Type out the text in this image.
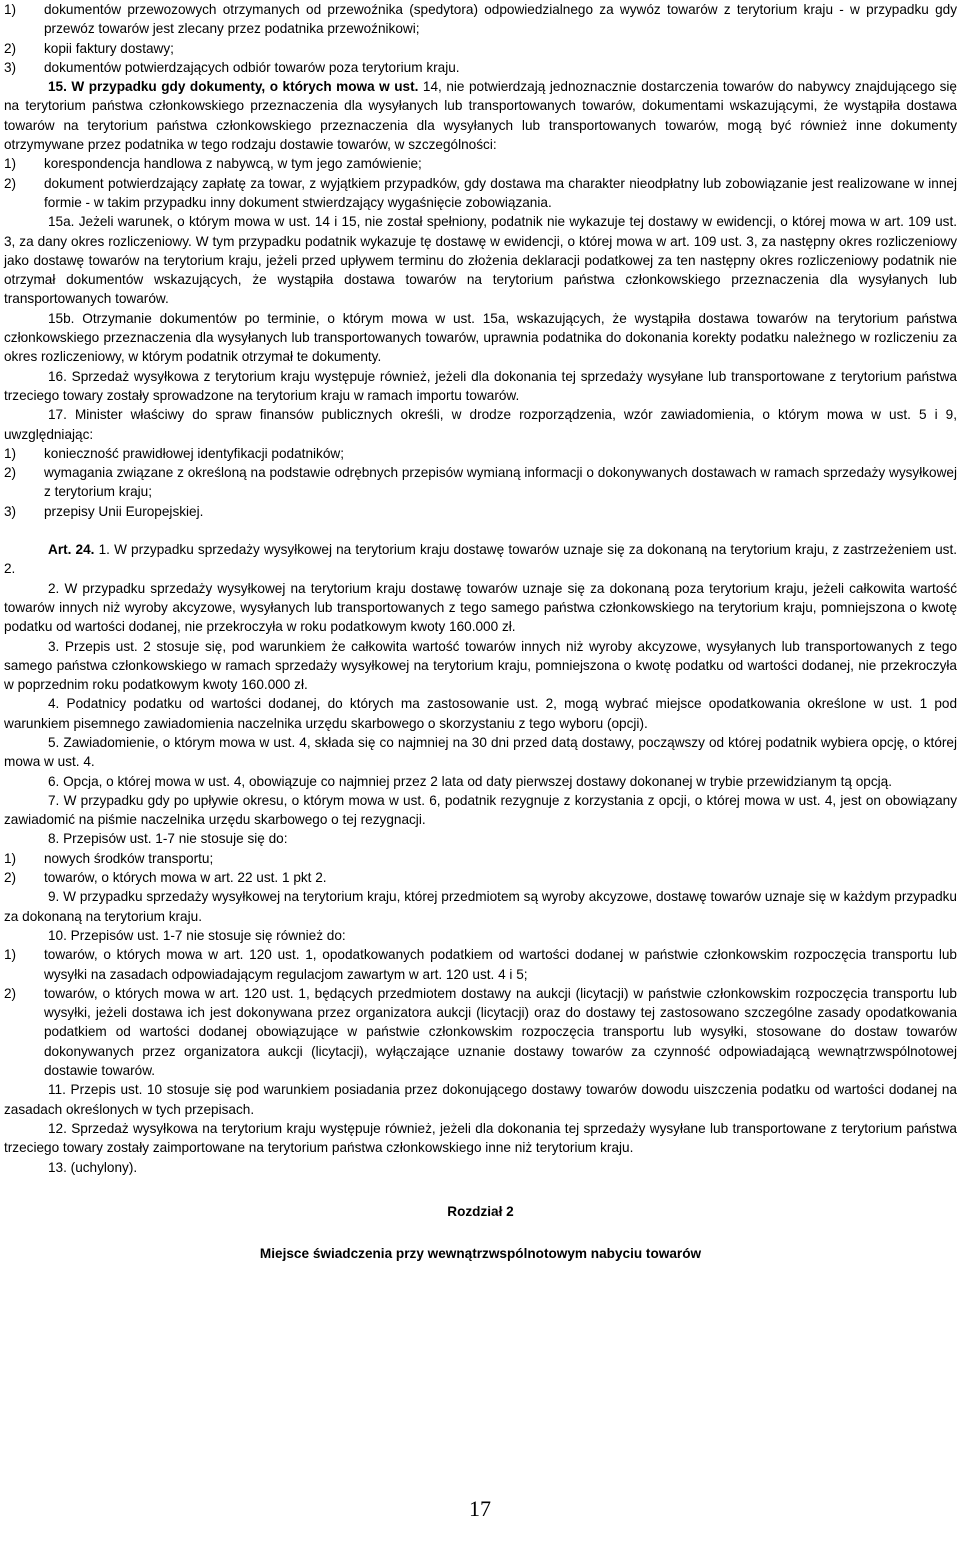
1)	dokumentów przewozowych otrzymanych od przewoźnika (spedytora) odpowiedzialnego za wywóz towarów z terytorium kraju - w przypadku gdy przewóz towarów jest zlecany przez podatnika przewoźnikowi;
2)	kopii faktury dostawy;
3)	dokumentów potwierdzających odbiór towarów poza terytorium kraju.

15. W przypadku gdy dokumenty, o których mowa w ust. 14, nie potwierdzają jednoznacznie dostarczenia towarów do nabywcy znajdującego się na terytorium państwa członkowskiego przeznaczenia dla wysyłanych lub transportowanych towarów, dokumentami wskazującymi, że wystąpiła dostawa towarów na terytorium państwa członkowskiego przeznaczenia dla wysyłanych lub transportowanych towarów, mogą być również inne dokumenty otrzymywane przez podatnika w tego rodzaju dostawie towarów, w szczególności:

1)	korespondencja handlowa z nabywcą, w tym jego zamówienie;
2)	dokument potwierdzający zapłatę za towar, z wyjątkiem przypadków, gdy dostawa ma charakter nieodpłatny lub zobowiązanie jest realizowane w innej formie - w takim przypadku inny dokument stwierdzający wygaśnięcie zobowiązania.

15a. Jeżeli warunek, o którym mowa w ust. 14 i 15, nie został spełniony, podatnik nie wykazuje tej dostawy w ewidencji, o której mowa w art. 109 ust. 3, za dany okres rozliczeniowy. W tym przypadku podatnik wykazuje tę dostawę w ewidencji, o której mowa w art. 109 ust. 3, za następny okres rozliczeniowy jako dostawę towarów na terytorium kraju, jeżeli przed upływem terminu do złożenia deklaracji podatkowej za ten następny okres rozliczeniowy podatnik nie otrzymał dokumentów wskazujących, że wystąpiła dostawa towarów na terytorium państwa członkowskiego przeznaczenia dla wysyłanych lub transportowanych towarów.

15b. Otrzymanie dokumentów po terminie, o którym mowa w ust. 15a, wskazujących, że wystąpiła dostawa towarów na terytorium państwa członkowskiego przeznaczenia dla wysyłanych lub transportowanych towarów, uprawnia podatnika do dokonania korekty podatku należnego w rozliczeniu za okres rozliczeniowy, w którym podatnik otrzymał te dokumenty.

16. Sprzedaż wysyłkowa z terytorium kraju występuje również, jeżeli dla dokonania tej sprzedaży wysyłane lub transportowane z terytorium państwa trzeciego towary zostały sprowadzone na terytorium kraju w ramach importu towarów.

17. Minister właściwy do spraw finansów publicznych określi, w drodze rozporządzenia, wzór zawiadomienia, o którym mowa w ust. 5 i 9, uwzględniając:

1)	konieczność prawidłowej identyfikacji podatników;
2)	wymagania związane z określoną na podstawie odrębnych przepisów wymianą informacji o dokonywanych dostawach w ramach sprzedaży wysyłkowej z terytorium kraju;
3)	przepisy Unii Europejskiej.

Art. 24. 1. W przypadku sprzedaży wysyłkowej na terytorium kraju dostawę towarów uznaje się za dokonaną na terytorium kraju, z zastrzeżeniem ust. 2.

2. W przypadku sprzedaży wysyłkowej na terytorium kraju dostawę towarów uznaje się za dokonaną poza terytorium kraju, jeżeli całkowita wartość towarów innych niż wyroby akcyzowe, wysyłanych lub transportowanych z tego samego państwa członkowskiego na terytorium kraju, pomniejszona o kwotę podatku od wartości dodanej, nie przekroczyła w roku podatkowym kwoty 160.000 zł.

3. Przepis ust. 2 stosuje się, pod warunkiem że całkowita wartość towarów innych niż wyroby akcyzowe, wysyłanych lub transportowanych z tego samego państwa członkowskiego w ramach sprzedaży wysyłkowej na terytorium kraju, pomniejszona o kwotę podatku od wartości dodanej, nie przekroczyła w poprzednim roku podatkowym kwoty 160.000 zł.

4. Podatnicy podatku od wartości dodanej, do których ma zastosowanie ust. 2, mogą wybrać miejsce opodatkowania określone w ust. 1 pod warunkiem pisemnego zawiadomienia naczelnika urzędu skarbowego o skorzystaniu z tego wyboru (opcji).

5. Zawiadomienie, o którym mowa w ust. 4, składa się co najmniej na 30 dni przed datą dostawy, począwszy od której podatnik wybiera opcję, o której mowa w ust. 4.

6. Opcja, o której mowa w ust. 4, obowiązuje co najmniej przez 2 lata od daty pierwszej dostawy dokonanej w trybie przewidzianym tą opcją.

7. W przypadku gdy po upływie okresu, o którym mowa w ust. 6, podatnik rezygnuje z korzystania z opcji, o której mowa w ust. 4, jest on obowiązany zawiadomić na piśmie naczelnika urzędu skarbowego o tej rezygnacji.

8. Przepisów ust. 1-7 nie stosuje się do:

1)	nowych środków transportu;
2)	towarów, o których mowa w art. 22 ust. 1 pkt 2.

9. W przypadku sprzedaży wysyłkowej na terytorium kraju, której przedmiotem są wyroby akcyzowe, dostawę towarów uznaje się w każdym przypadku za dokonaną na terytorium kraju.

10. Przepisów ust. 1-7 nie stosuje się również do:

1)	towarów, o których mowa w art. 120 ust. 1, opodatkowanych podatkiem od wartości dodanej w państwie członkowskim rozpoczęcia transportu lub wysyłki na zasadach odpowiadającym regulacjom zawartym w art. 120 ust. 4 i 5;
2)	towarów, o których mowa w art. 120 ust. 1, będących przedmiotem dostawy na aukcji (licytacji) w państwie członkowskim rozpoczęcia transportu lub wysyłki, jeżeli dostawa ich jest dokonywana przez organizatora aukcji (licytacji) oraz do dostawy tej zastosowano szczególne zasady opodatkowania podatkiem od wartości dodanej obowiązujące w państwie członkowskim rozpoczęcia transportu lub wysyłki, stosowane do dostaw towarów dokonywanych przez organizatora aukcji (licytacji), wyłączające uznanie dostawy towarów za czynność odpowiadającą wewnątrzwspólnotowej dostawie towarów.

11. Przepis ust. 10 stosuje się pod warunkiem posiadania przez dokonującego dostawy towarów dowodu uiszczenia podatku od wartości dodanej na zasadach określonych w tych przepisach.

12. Sprzedaż wysyłkowa na terytorium kraju występuje również, jeżeli dla dokonania tej sprzedaży wysyłane lub transportowane z terytorium państwa trzeciego towary zostały zaimportowane na terytorium państwa członkowskiego inne niż terytorium kraju.

13. (uchylony).

Rozdział 2

Miejsce świadczenia przy wewnątrzwspólnotowym nabyciu towarów

17
